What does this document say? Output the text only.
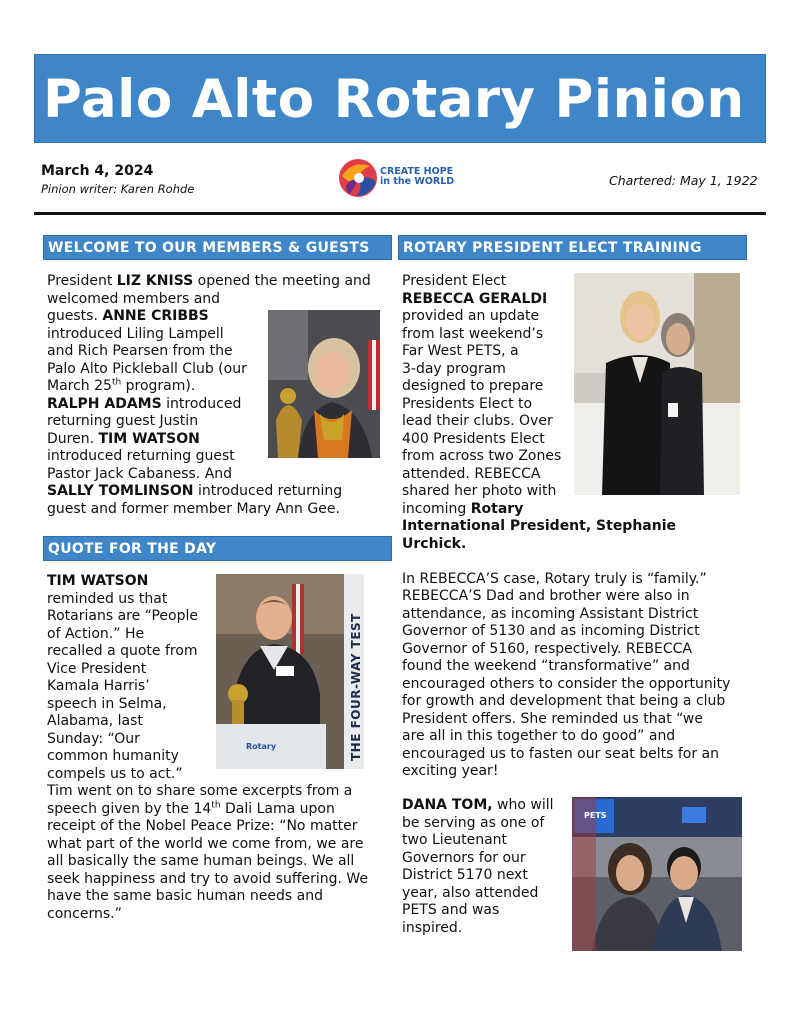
Palo Alto Rotary Pinion
March 4, 2024
Pinion writer: Karen Rohde
CREATE HOPE
in the WORLD	Chartered: May 1, 1922
WELCOME TO OUR MEMBERS & GUESTS	ROTARY PRESIDENT ELECT TRAINING
QUOTE FOR THE DAY
President LIZ KNISS opened the meeting and
welcomed members and
guests. ANNE CRIBBS
introduced Liling Lampell
and Rich Pearsen from the
Palo Alto Pickleball Club (our
March 25th program).
RALPH ADAMS introduced
returning guest Justin
Duren. TIM WATSON
introduced returning guest
Pastor Jack Cabaness. And
SALLY TOMLINSON introduced returning
guest and former member Mary Ann Gee.
TIM WATSON
reminded us that
Rotarians are “People
of Action.” He
recalled a quote from
Vice President
Kamala Harris’
speech in Selma,
Alabama, last
Sunday: “Our
common humanity
compels us to act.”
Tim went on to share some excerpts from a
speech given by the 14th Dali Lama upon
receipt of the Nobel Peace Prize: “No matter
what part of the world we come from, we are
all basically the same human beings. We all
seek happiness and try to avoid suffering. We
have the same basic human needs and
concerns.”
President Elect
REBECCA GERALDI
provided an update
from last weekend’s
Far West PETS, a
3-day program
designed to prepare
Presidents Elect to
lead their clubs. Over
400 Presidents Elect
from across two Zones
attended. REBECCA
shared her photo with
incoming Rotary
International President, Stephanie
Urchick.
In REBECCA’S case, Rotary truly is “family.”
REBECCA’S Dad and brother were also in
attendance, as incoming Assistant District
Governor of 5130 and as incoming District
Governor of 5160, respectively. REBECCA
found the weekend “transformative” and
encouraged others to consider the opportunity
for growth and development that being a club
President offers. She reminded us that “we
are all in this together to do good” and
encouraged us to fasten our seat belts for an
exciting year!
DANA TOM, who will
be serving as one of
two Lieutenant
Governors for our
District 5170 next
year, also attended
PETS and was
inspired.
THE FOUR-WAY TEST
Rotary
PETS
